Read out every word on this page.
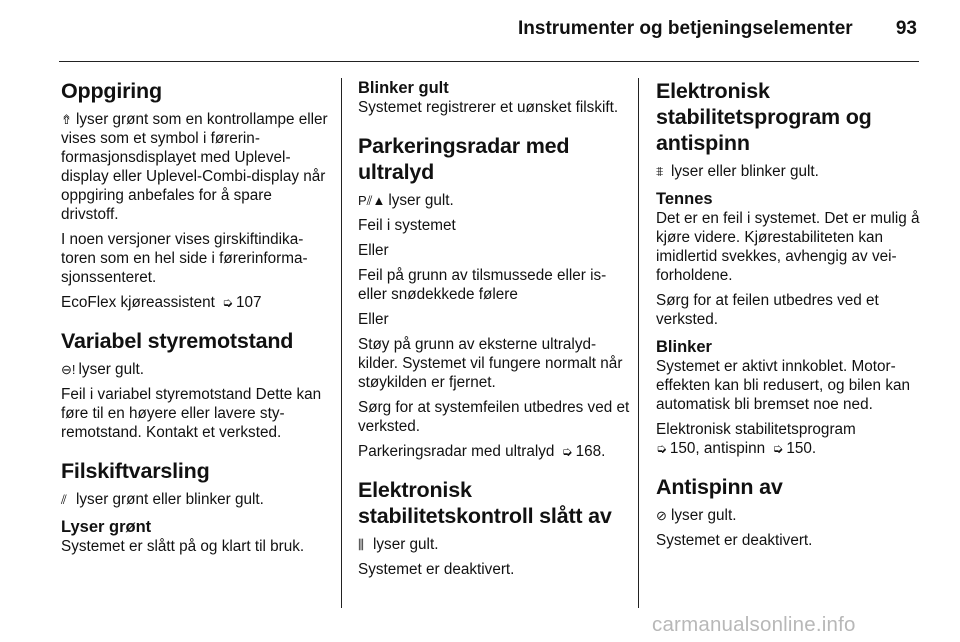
Instrumenter og betjeningselementer 93
Oppgiring

⇮ lyser grønt som en kontrollampe eller vises som et symbol i førerinformasjonsdisplayet med Uplevel-display eller Uplevel-Combi-display når oppgiring anbefales for å spare drivstoff.

I noen versjoner vises girskiftindikatoren som en hel side i førerinformasjonssenteret.

EcoFlex kjøreassistent ➭ 107

Variabel styremotstand

⊖! lyser gult.

Feil i variabel styremotstand Dette kan føre til en høyere eller lavere styremotstand. Kontakt et verksted.

Filskiftvarsling

⫽ lyser grønt eller blinker gult.

Lyser grønt

Systemet er slått på og klart til bruk.

Blinker gult

Systemet registrerer et uønsket filskift.

Parkeringsradar med ultralyd

P⫽▲ lyser gult.

Feil i systemet

Eller

Feil på grunn av tilsmussede eller iseller snødekkede følere

Eller

Støy på grunn av eksterne ultralydkilder. Systemet vil fungere normalt når støykilden er fjernet.

Sørg for at systemfeilen utbedres ved et verksted.

Parkeringsradar med ultralyd ➭ 168.

Elektronisk stabilitetskontroll slått av

⫼ lyser gult.

Systemet er deaktivert.

Elektronisk stabilitetsprogram og antispinn

⩨ lyser eller blinker gult.

Tennes

Det er en feil i systemet. Det er mulig å kjøre videre. Kjørestabiliteten kan imidlertid svekkes, avhengig av veiforholdene.

Sørg for at feilen utbedres ved et verksted.

Blinker

Systemet er aktivt innkoblet. Motoreffekten kan bli redusert, og bilen kan automatisk bli bremset noe ned.

Elektronisk stabilitetsprogram
➭ 150, antispinn ➭ 150.

Antispinn av

⊘ lyser gult.

Systemet er deaktivert.

carmanualsonline.info
